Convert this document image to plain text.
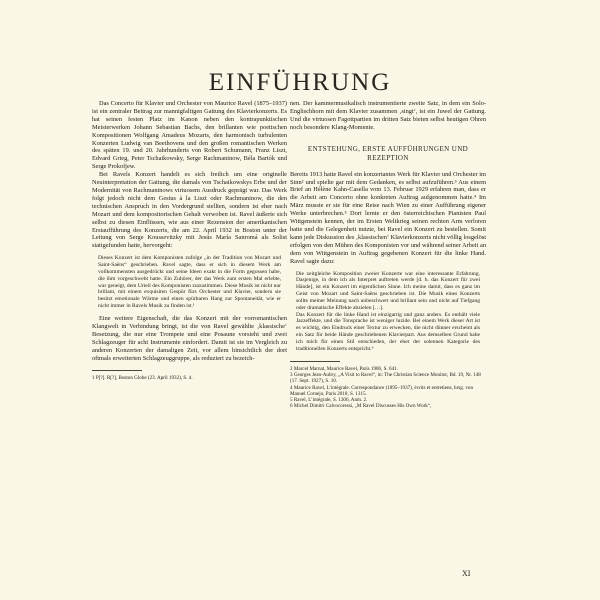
EINFÜHRUNG

Das Concerto für Klavier und Orchester von Maurice Ravel (1875–1937) ist ein zentraler Beitrag zur mannigfaltigen Gattung des Klavierkonzerts. Es hat seinen festen Platz im Kanon neben den kontrapunktischen Meisterwerken Johann Sebastian Bachs, den brillanten wie poetischen Kompositionen Wolfgang Amadeus Mozarts, den harmonisch turbulenten Konzerten Ludwig van Beethovens und den großen romantischen Werken des späten 19. und 20. Jahrhunderts von Robert Schumann, Franz Liszt, Edvard Grieg, Peter Tschaikowsky, Serge Rachmaninow, Béla Bartók und Serge Prokofjew.

Bei Ravels Konzert handelt es sich freilich um eine originelle Neuinterpretation der Gattung, die damals von Tschaikowskys Erbe und der Modernität von Rachmaninows virtuosem Ausdruck geprägt war. Das Werk folgt jedoch nicht dem Gestus à la Liszt oder Rachmaninow, die den technischen Anspruch in den Vordergrund stellten, sondern ist eher nach Mozart und dem kompositorischen Gehalt verwoben ist. Ravel äußerte sich selbst zu diesen Einflüssen, wie aus einer Rezension der amerikanischen Erstaufführung des Konzerts, die am 22. April 1932 in Boston unter der Leitung von Serge Koussevitzky mit Jesús María Sanromá als Solist stattgefunden hatte, hervorgeht:

Dieses Konzert ist dem Komponisten zufolge „in der Tradition von Mozart und Saint-Saëns“ geschrieben. Ravel sagte, dass er sich in diesem Werk am vollkommensten ausgedrückt und seine Ideen exakt in die Form gegossen habe, die ihm vorgeschwebt hatte. Ein Zuhörer, der das Werk zum ersten Mal erlebte, war geneigt, dem Urteil des Komponisten zuzustimmen. Diese Musik ist nicht nur brillant, mit einem exquisiten Gespür fürs Orchester und Klavier, sondern sie besitzt emotionale Wärme und einen spürbaren Hang zur Spontaneität, wie er nicht immer in Ravels Musik zu finden ist.¹

Eine weitere Eigenschaft, die das Konzert mit der vorromantischen Klangwelt in Verbindung bringt, ist die von Ravel gewählte ‚klassische‘ Besetzung, die nur eine Trompete und eine Posaune vorsieht und zwei Schlagzeuger für acht Instrumente einfordert. Damit ist sie im Vergleich zu anderen Konzerten der damaligen Zeit, vor allem hinsichtlich der dort oftmals erweiterten Schlagzeuggruppe, als reduziert zu bezeich-

1 P[?]. R[?], Boston Globe (23. April 1932), S. 4.

nen. Der kammermusikalisch instrumentierte zweite Satz, in dem ein Solo-Englischhorn mit dem Klavier zusammen ‚singt‘, ist ein Juwel der Gattung. Und die virtuosen Fagottpartien im dritten Satz bieten selbst heutigen Ohren noch besondere Klang-Momente.

ENTSTEHUNG, ERSTE AUFFÜHRUNGEN UND REZEPTION

Bereits 1913 hatte Ravel ein konzertantes Werk für Klavier und Orchester im Sinn² und spielte gar mit dem Gedanken, es selbst aufzuführen.³ Aus einem Brief an Hélène Kahn-Casella vom 13. Februar 1929 erfahren man, dass er die Arbeit am Concerto ohne konkreten Auftrag aufgenommen hatte.⁴ Im März musste er sie für eine Reise nach Wien zu einer Aufführung eigener Werke unterbrechen.⁵ Dort lernte er den österreichischen Pianisten Paul Wittgenstein kennen, der im Ersten Weltkrieg seinen rechten Arm verloren hatte und die Gelegenheit nutzte, bei Ravel ein Konzert zu bestellen. Somit kann jede Diskussion des ‚klassischen‘ Klavierkonzerts nicht völlig losgelöst erfolgen von den Mühen des Komponisten vor und während seiner Arbeit an dem von Wittgenstein in Auftrag gegebenen Konzert für die linke Hand. Ravel sagte dazu:

Die zeitgleiche Komposition zweier Konzerte war eine interessante Erfahrung. Dasjenige, in dem ich als Interpret auftreten werde [d. h. das Konzert für zwei Hände], ist ein Konzert im eigentlichen Sinne. Ich meine damit, dass es ganz im Geist von Mozart und Saint-Saëns geschrieben ist. Die Musik eines Konzerts sollte meiner Meinung nach unbeschwert und brillant sein und nicht auf Tiefgang oder dramatische Effekte abzielen […].
Das Konzert für die linke Hand ist einzigartig und ganz anders. Es enthält viele Jazzeffekte, und die Tonsprache ist weniger luzide. Bei einem Werk dieser Art ist es wichtig, den Eindruck einer Textur zu erwecken, die nicht dünner erscheint als ein Satz für beide Hände geschriebenen Klavierpart. Aus demselben Grund habe ich mich für einen Stil entschieden, der eher der solennen Kategorie des traditionellen Konzerts entspricht.⁶

2 Marcel Marnat, Maurice Ravel, Paris 1986, S. 641.

3 Georges Jean-Aubry, „A Visit to Ravel“, in: The Christian Science Monitor, Bd. 19, Nr. 148 (17. Sept. 1927), S. 10.

4 Maurice Ravel, L’intégrale. Correspondance (1895–1937), écrits et entretiens, hrsg. von Manuel Cornejo, Paris 2018, S. 1315.

5 Ravel, L’intégrale, S. 1306, Anm. 2.

6 Michel Dimitri Calvocoressi, „M Ravel Discusses His Own Work“,

XI
